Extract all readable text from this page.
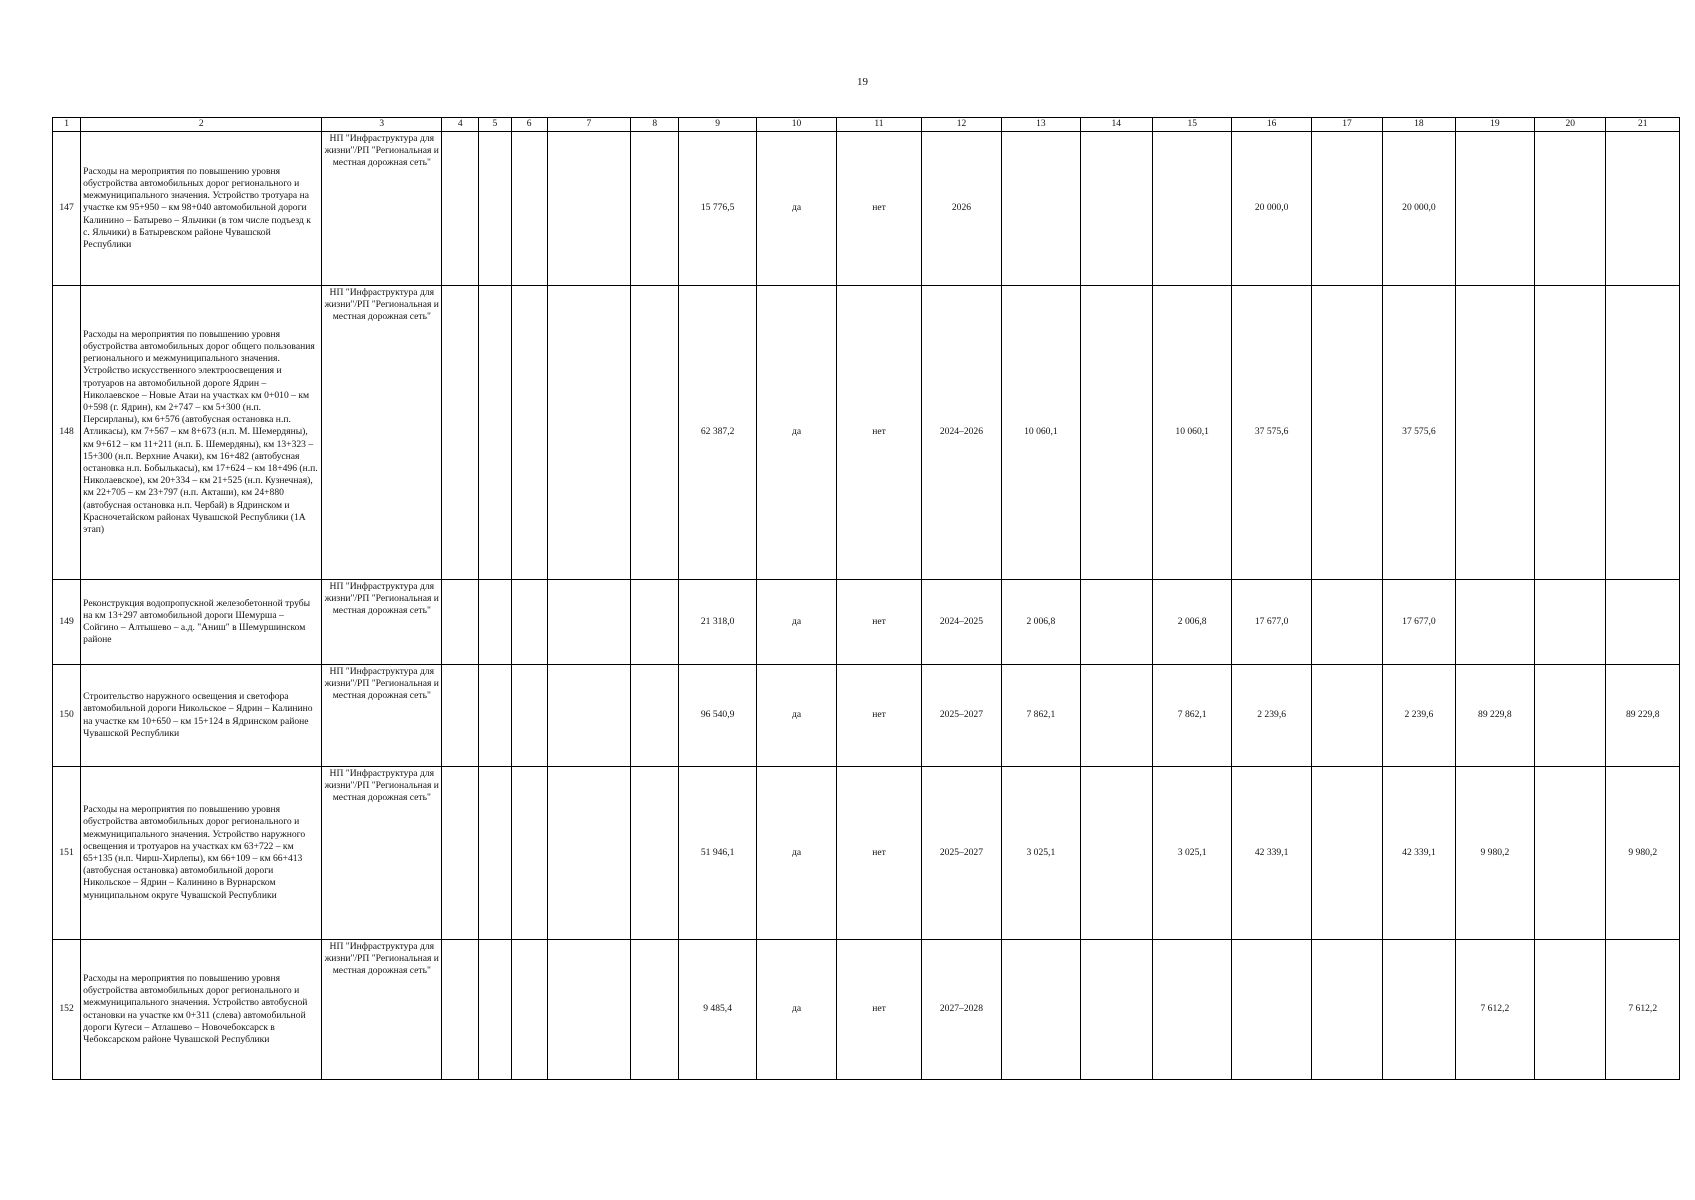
19
1	2	3	4	5	6	7	8	9	10	11	12	13	14	15	16	17	18	19	20	21
147	Расходы на мероприятия по повышению уровня обустройства автомобильных дорог регионального и межмуниципального значения. Устройство тротуара на участке км 95+950 – км 98+040 автомобильной дороги Калинино – Батырево – Яльчики (в том числе подъезд к с. Яльчики) в Батыревском районе Чувашской Республики	НП "Инфраструктура для жизни"/РП "Региональная и местная дорожная сеть"						15 776,5	да	нет	2026				20 000,0		20 000,0			
148	Расходы на мероприятия по повышению уровня обустройства автомобильных дорог общего пользования регионального и межмуниципального значения. Устройство искусственного электроосвещения и тротуаров на автомобильной дороге Ядрин – Николаевское – Новые Атаи на участках км 0+010 – км 0+598 (г. Ядрин), км 2+747 – км 5+300 (н.п. Персирланы), км 6+576 (автобусная остановка н.п. Атликасы), км 7+567 – км 8+673 (н.п. М. Шемердяны), км 9+612 – км 11+211 (н.п. Б. Шемердяны), км 13+323 – 15+300 (н.п. Верхние Ачаки), км 16+482 (автобусная остановка н.п. Бобылькасы), км 17+624 – км 18+496 (н.п. Николаевское), км 20+334 – км 21+525 (н.п. Кузнечная), км 22+705 – км 23+797 (н.п. Акташи), км 24+880 (автобусная остановка н.п. Чербай) в Ядринском и Красночетайском районах Чувашской Республики (1А этап)	НП "Инфраструктура для жизни"/РП "Региональная и местная дорожная сеть"						62 387,2	да	нет	2024–2026	10 060,1		10 060,1	37 575,6		37 575,6			
149	Реконструкция водопропускной железобетонной трубы на км 13+297 автомобильной дороги Шемурша – Сойгино – Алтышево – а.д. "Аниш" в Шемуршинском районе	НП "Инфраструктура для жизни"/РП "Региональная и местная дорожная сеть"						21 318,0	да	нет	2024–2025	2 006,8		2 006,8	17 677,0		17 677,0			
150	Строительство наружного освещения и светофора автомобильной дороги Никольское – Ядрин – Калинино на участке км 10+650 – км 15+124 в Ядринском районе Чувашской Республики	НП "Инфраструктура для жизни"/РП "Региональная и местная дорожная сеть"						96 540,9	да	нет	2025–2027	7 862,1		7 862,1	2 239,6		2 239,6	89 229,8		89 229,8
151	Расходы на мероприятия по повышению уровня обустройства автомобильных дорог регионального и межмуниципального значения. Устройство наружного освещения и тротуаров на участках км 63+722 – км 65+135 (н.п. Чирш-Хирлепы), км 66+109 – км 66+413 (автобусная остановка) автомобильной дороги Никольское – Ядрин – Калинино в Вурнарском муниципальном округе Чувашской Республики	НП "Инфраструктура для жизни"/РП "Региональная и местная дорожная сеть"						51 946,1	да	нет	2025–2027	3 025,1		3 025,1	42 339,1		42 339,1	9 980,2		9 980,2
152	Расходы на мероприятия по повышению уровня обустройства автомобильных дорог регионального и межмуниципального значения. Устройство автобусной остановки на участке км 0+311 (слева) автомобильной дороги Кугеси – Атлашево – Новочебоксарск в Чебоксарском районе Чувашской Республики	НП "Инфраструктура для жизни"/РП "Региональная и местная дорожная сеть"						9 485,4	да	нет	2027–2028							7 612,2		7 612,2
